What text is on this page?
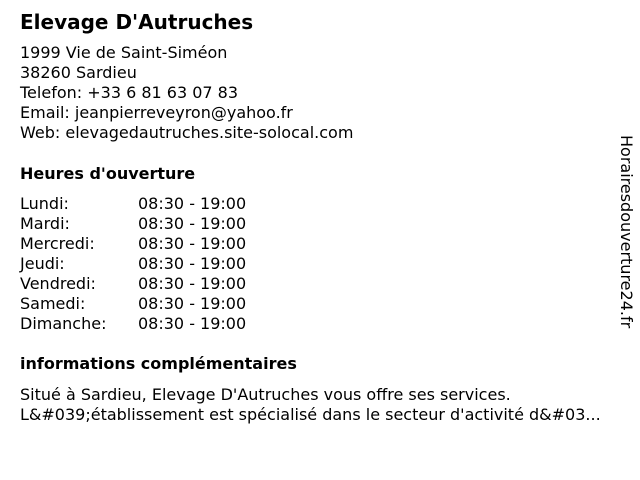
Elevage D'Autruches
1999 Vie de Saint-Siméon
38260 Sardieu
Telefon: +33 6 81 63 07 83
Email: jeanpierreveyron@yahoo.fr
Web: elevagedautruches.site-solocal.com
Heures d'ouverture
Lundi:	08:30 - 19:00
Mardi:	08:30 - 19:00
Mercredi:	08:30 - 19:00
Jeudi:	08:30 - 19:00
Vendredi:	08:30 - 19:00
Samedi:	08:30 - 19:00
Dimanche:	08:30 - 19:00
informations complémentaires
Situé à Sardieu, Elevage D'Autruches vous offre ses services. L&#039;établissement est spécialisé dans le secteur d'activité d&#03...
Horairesdouverture24.fr
